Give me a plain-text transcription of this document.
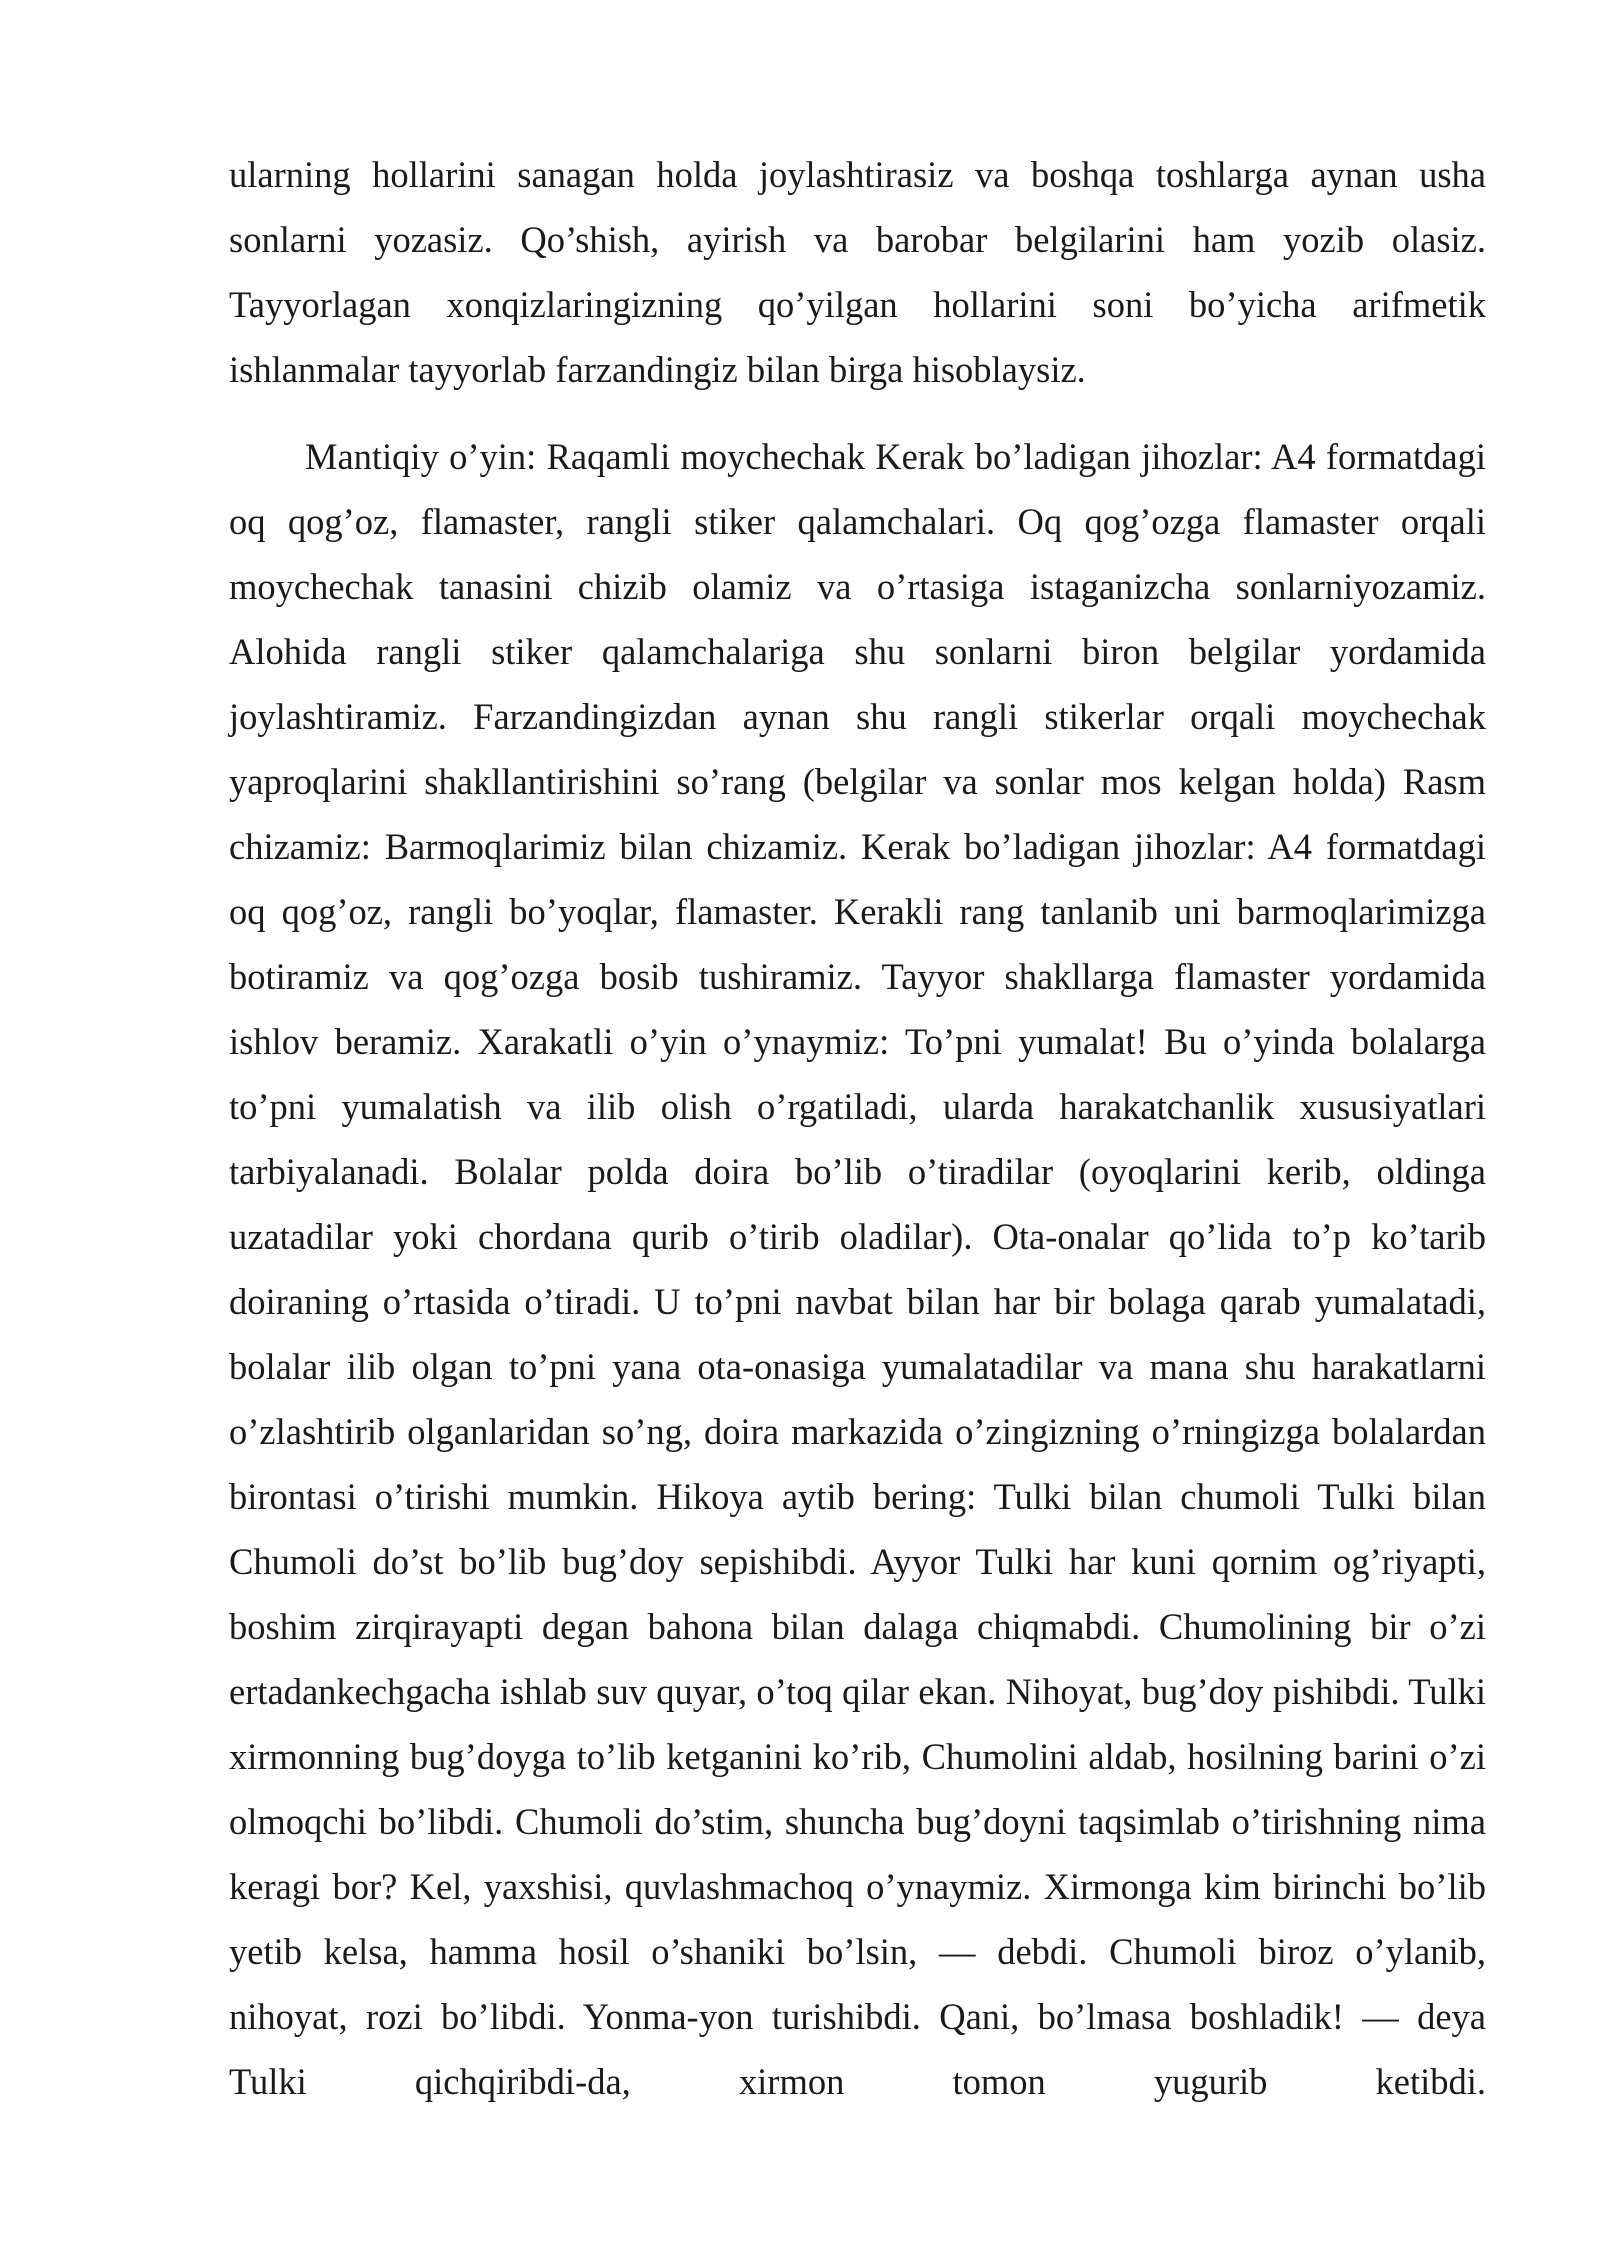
ularning hollarini sanagan holda joylashtirasiz va boshqa toshlarga aynan usha sonlarni yozasiz. Qo’shish, ayirish va barobar belgilarini ham yozib olasiz. Tayyorlagan xonqizlaringizning qo’yilgan hollarini soni bo’yicha arifmetik ishlanmalar tayyorlab farzandingiz bilan birga hisoblaysiz.

Mantiqiy o’yin: Raqamli moychechak Kerak bo’ladigan jihozlar: A4 formatdagi oq qog’oz, flamaster, rangli stiker qalamchalari. Oq qog’ozga flamaster orqali moychechak tanasini chizib olamiz va o’rtasiga istaganizcha sonlarniyozamiz. Alohida rangli stiker qalamchalariga shu sonlarni biron belgilar yordamida joylashtiramiz. Farzandingizdan aynan shu rangli stikerlar orqali moychechak yaproqlarini shakllantirishini so’rang (belgilar va sonlar mos kelgan holda) Rasm chizamiz: Barmoqlarimiz bilan chizamiz. Kerak bo’ladigan jihozlar: A4 formatdagi oq qog’oz, rangli bo’yoqlar, flamaster. Kerakli rang tanlanib uni barmoqlarimizga botiramiz va qog’ozga bosib tushiramiz. Tayyor shakllarga flamaster yordamida ishlov beramiz. Xarakatli o’yin o’ynaymiz: To’pni yumalat! Bu o’yinda bolalarga to’pni yumalatish va ilib olish o’rgatiladi, ularda harakatchanlik xususiyatlari tarbiyalanadi. Bolalar polda doira bo’lib o’tiradilar (oyoqlarini kerib, oldinga uzatadilar yoki chordana qurib o’tirib oladilar). Ota-onalar qo’lida to’p ko’tarib doiraning o’rtasida o’tiradi. U to’pni navbat bilan har bir bolaga qarab yumalatadi, bolalar ilib olgan to’pni yana ota-onasiga yumalatadilar va mana shu harakatlarni o’zlashtirib olganlaridan so’ng, doira markazida o’zingizning o’rningizga bolalardan birontasi o’tirishi mumkin. Hikoya aytib bering: Tulki bilan chumoli Tulki bilan Chumoli do’st bo’lib bug’doy sepishibdi. Ayyor Tulki har kuni qornim og’riyapti, boshim zirqirayapti degan bahona bilan dalaga chiqmabdi. Chumolining bir o’zi ertadankechgacha ishlab suv quyar, o’toq qilar ekan. Nihoyat, bug’doy pishibdi. Tulki xirmonning bug’doyga to’lib ketganini ko’rib, Chumolini aldab, hosilning barini o’zi olmoqchi bo’libdi. Chumoli do’stim, shuncha bug’doyni taqsimlab o’tirishning nima keragi bor? Kel, yaxshisi, quvlashmachoq o’ynaymiz. Xirmonga kim birinchi bo’lib yetib kelsa, hamma hosil o’shaniki bo’lsin, — debdi. Chumoli biroz o’ylanib, nihoyat, rozi bo’libdi. Yonma-yon turishibdi. Qani, bo’lmasa boshladik! — deya Tulki qichqiribdi-da, xirmon tomon yugurib ketibdi.
